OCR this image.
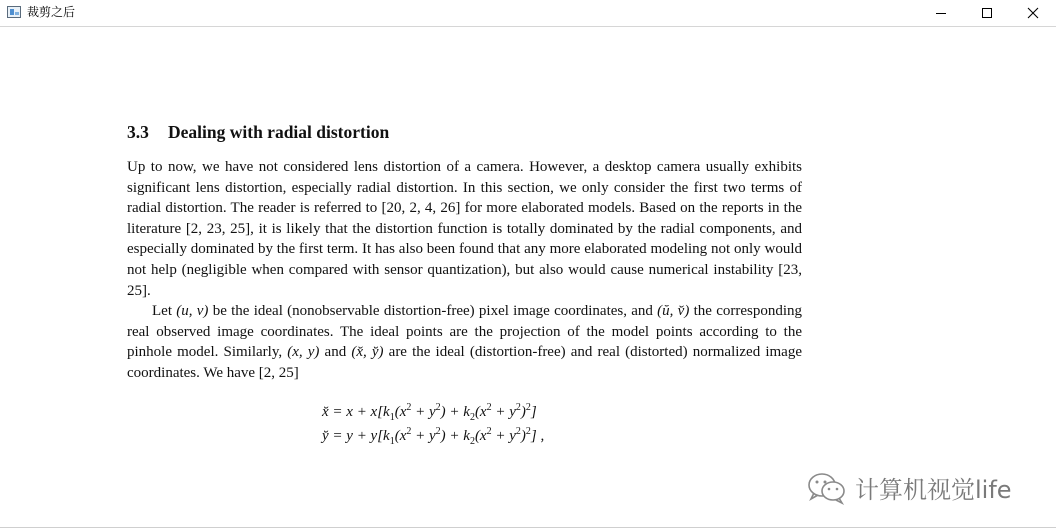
裁剪之后
3.3 Dealing with radial distortion

Up to now, we have not considered lens distortion of a camera. However, a desktop camera usually exhibits significant lens distortion, especially radial distortion. In this section, we only consider the first two terms of radial distortion. The reader is referred to [20, 2, 4, 26] for more elaborated models. Based on the reports in the literature [2, 23, 25], it is likely that the distortion function is totally dominated by the radial components, and especially dominated by the first term. It has also been found that any more elaborated modeling not only would not help (negligible when compared with sensor quantization), but also would cause numerical instability [23, 25].

Let (u, v) be the ideal (nonobservable distortion-free) pixel image coordinates, and (ŭ, v̆) the corresponding real observed image coordinates. The ideal points are the projection of the model points according to the pinhole model. Similarly, (x, y) and (x̆, y̆) are the ideal (distortion-free) and real (distorted) normalized image coordinates. We have [2, 25]

x̆ = $x + x[k_1(x^2 + y^2) + k_2(x^2 + y^2)^2]$
y̆ = $y + y[k_1(x^2 + y^2) + k_2(x^2 + y^2)^2]$ ,
计算机视觉life
